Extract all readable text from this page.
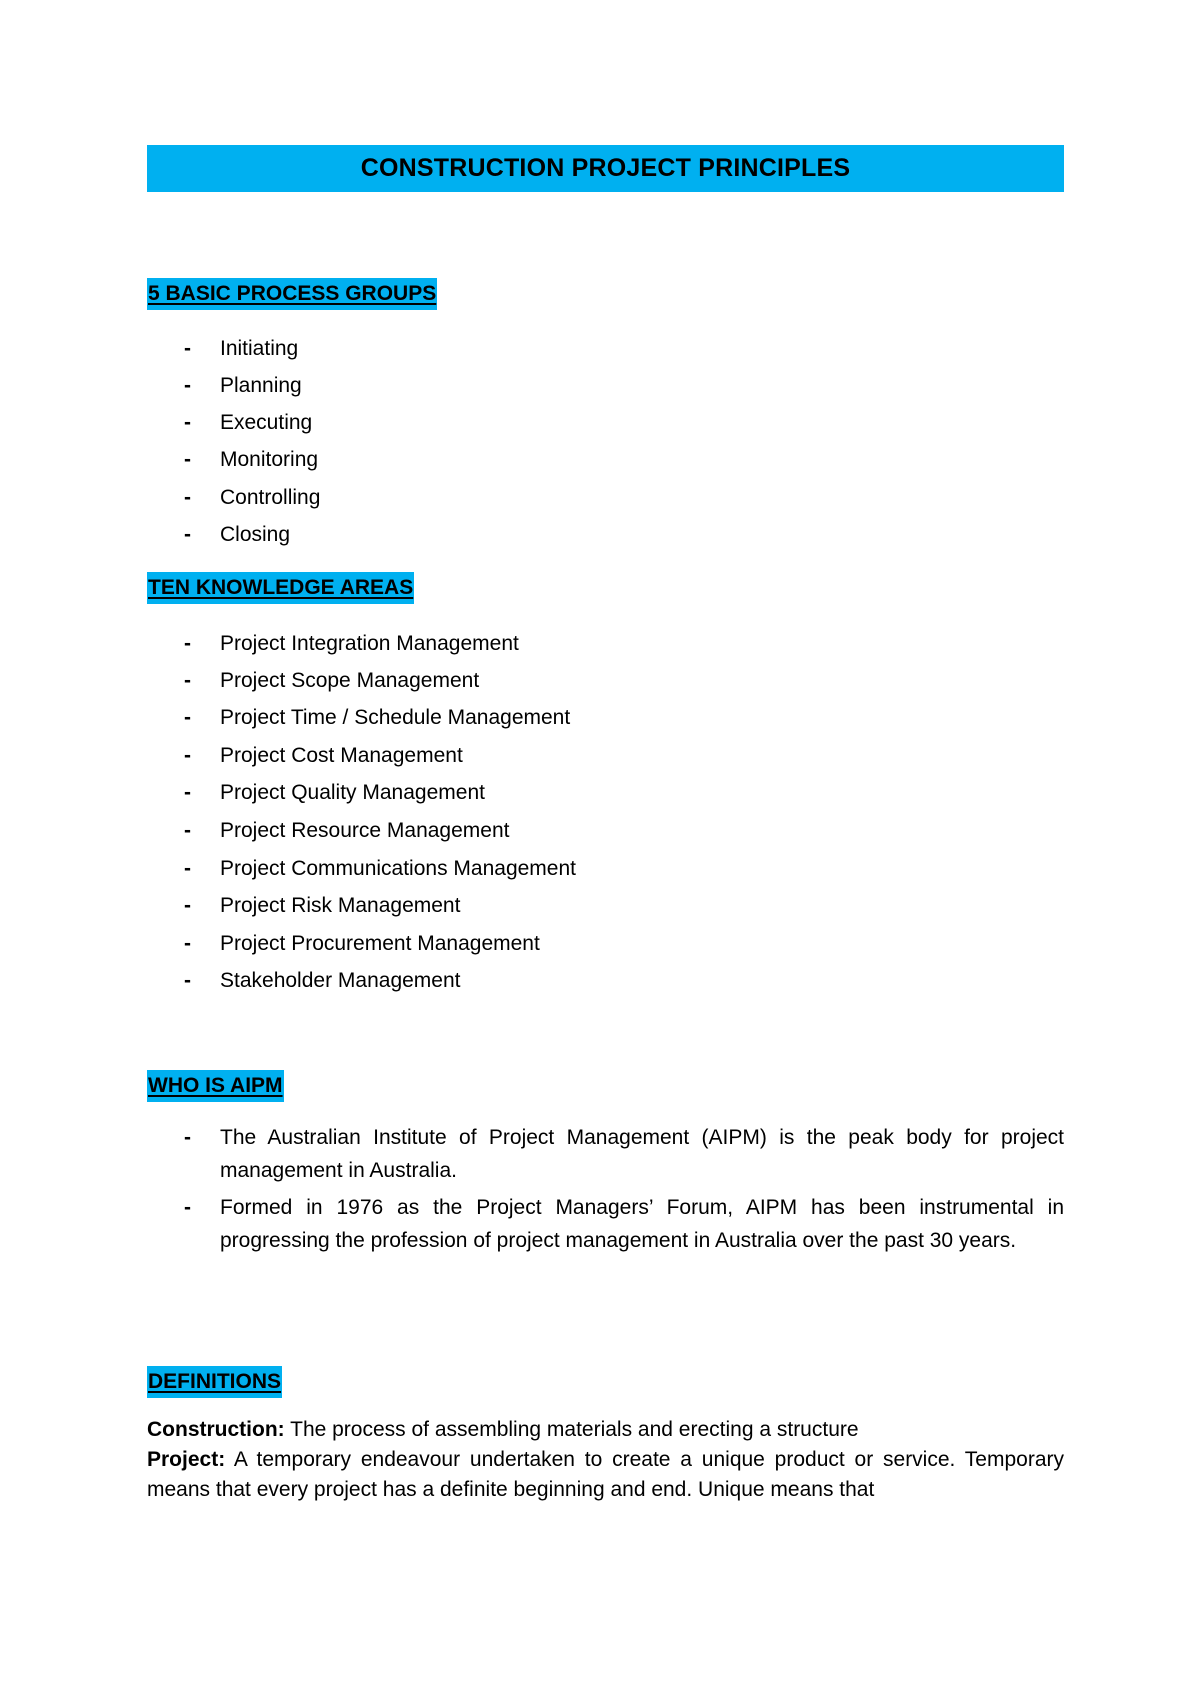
CONSTRUCTION PROJECT PRINCIPLES
5 BASIC PROCESS GROUPS
- Initiating
- Planning
- Executing
- Monitoring
- Controlling
- Closing
TEN KNOWLEDGE AREAS
- Project Integration Management
- Project Scope Management
- Project Time / Schedule Management
- Project Cost Management
- Project Quality Management
- Project Resource Management
- Project Communications Management
- Project Risk Management
- Project Procurement Management
- Stakeholder Management
WHO IS AIPM
- The Australian Institute of Project Management (AIPM) is the peak body for project management in Australia.
- Formed in 1976 as the Project Managers’ Forum, AIPM has been instrumental in progressing the profession of project management in Australia over the past 30 years.
DEFINITIONS

Construction: The process of assembling materials and erecting a structure

Project: A temporary endeavour undertaken to create a unique product or service. Temporary means that every project has a definite beginning and end. Unique means that
